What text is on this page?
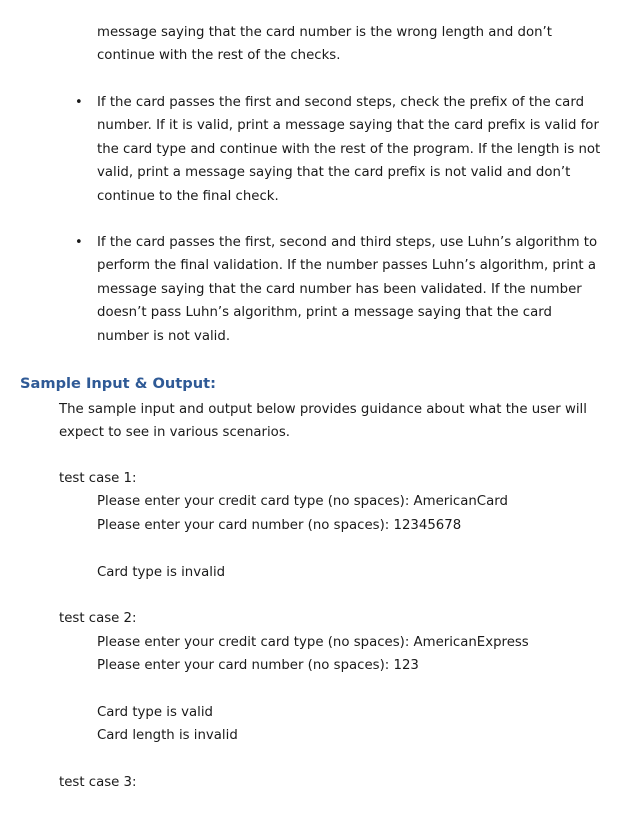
message saying that the card number is the wrong length and don’t continue with the rest of the checks.
• If the card passes the first and second steps, check the prefix of the card number. If it is valid, print a message saying that the card prefix is valid for the card type and continue with the rest of the program. If the length is not valid, print a message saying that the card prefix is not valid and don’t continue to the final check.
• If the card passes the first, second and third steps, use Luhn’s algorithm to perform the final validation. If the number passes Luhn’s algorithm, print a message saying that the card number has been validated. If the number doesn’t pass Luhn’s algorithm, print a message saying that the card number is not valid.
Sample Input & Output:
The sample input and output below provides guidance about what the user will expect to see in various scenarios.
test case 1:
Please enter your credit card type (no spaces): AmericanCard
Please enter your card number (no spaces): 12345678
Card type is invalid
test case 2:
Please enter your credit card type (no spaces): AmericanExpress
Please enter your card number (no spaces): 123
Card type is valid
Card length is invalid
test case 3:
